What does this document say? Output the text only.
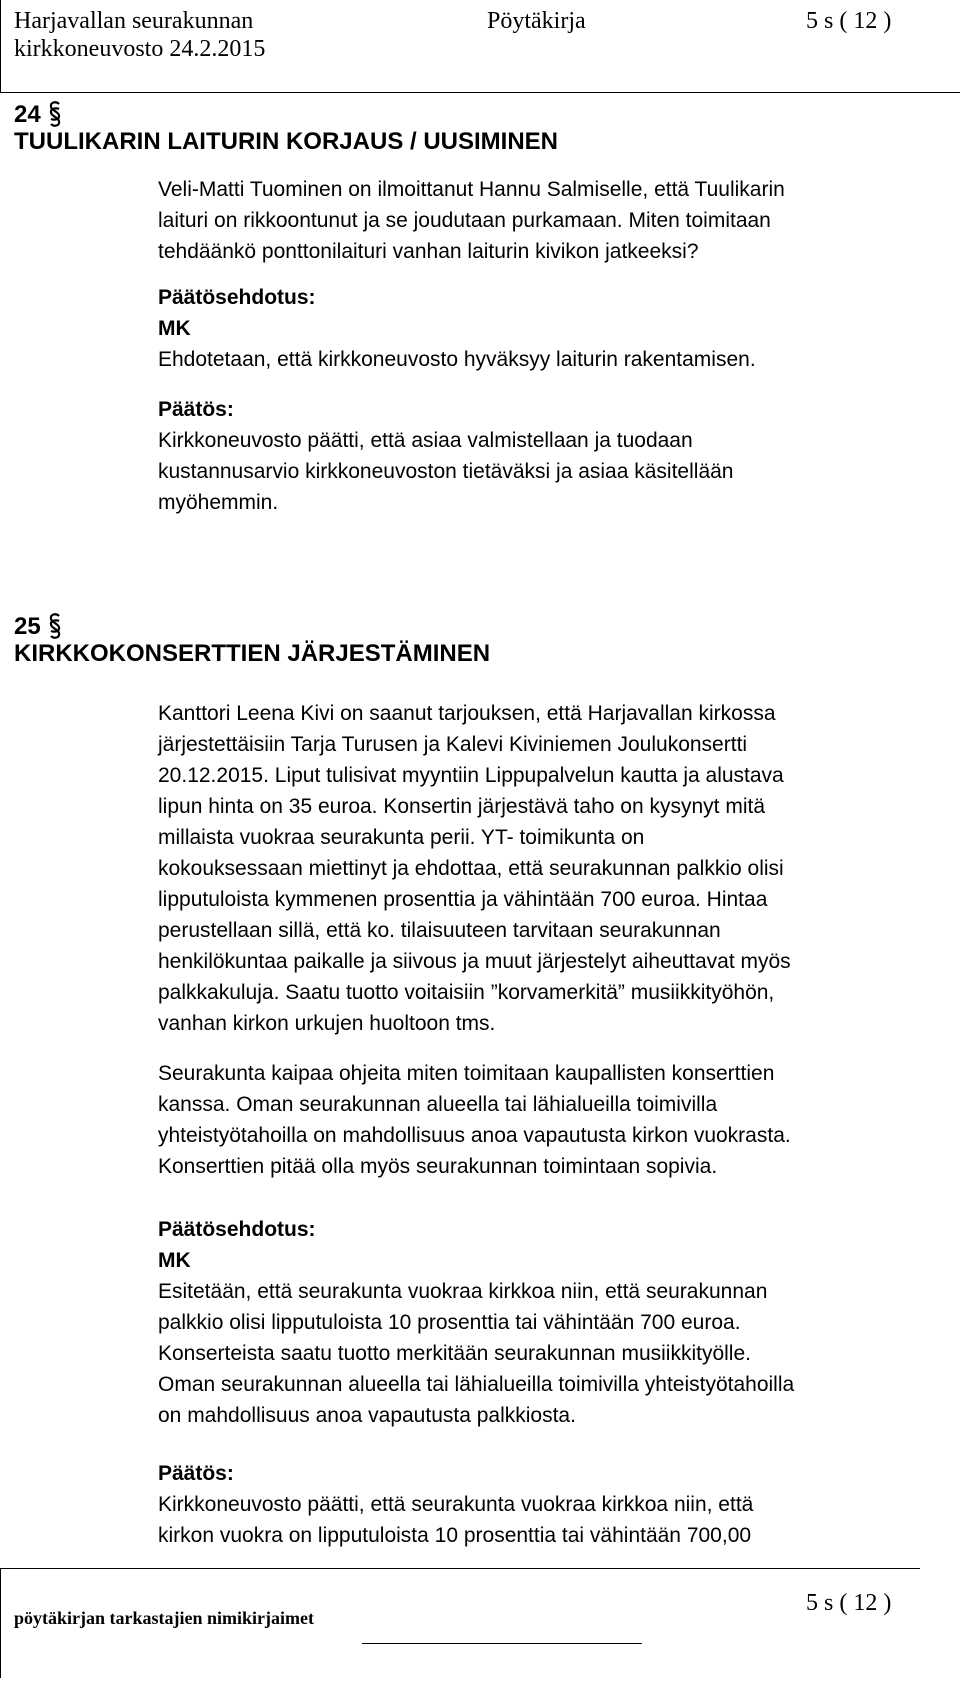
Harjavallan seurakunnan
kirkkoneuvosto 24.2.2015
Pöytäkirja	5 s ( 12 )
24
TUULIKARIN LAITURIN KORJAUS / UUSIMINEN

Veli-Matti Tuominen on ilmoittanut Hannu Salmiselle, että Tuulikarin

laituri on rikkoontunut ja se joudutaan purkamaan. Miten toimitaan

tehdäänkö ponttonilaituri vanhan laiturin kivikon jatkeeksi?

Päätösehdotus:

MK

Ehdotetaan, että kirkkoneuvosto hyväksyy laiturin rakentamisen.

Päätös:

Kirkkoneuvosto päätti, että asiaa valmistellaan ja tuodaan

kustannusarvio kirkkoneuvoston tietäväksi ja asiaa käsitellään

myöhemmin.

25
KIRKKOKONSERTTIEN JÄRJESTÄMINEN

Kanttori Leena Kivi on saanut tarjouksen, että Harjavallan kirkossa

järjestettäisiin Tarja Turusen ja Kalevi Kiviniemen Joulukonsertti

20.12.2015. Liput tulisivat myyntiin Lippupalvelun kautta ja alustava

lipun hinta on 35 euroa. Konsertin järjestävä taho on kysynyt mitä

millaista vuokraa seurakunta perii. YT- toimikunta on

kokouksessaan miettinyt ja ehdottaa, että seurakunnan palkkio olisi

lipputuloista kymmenen prosenttia ja vähintään 700 euroa. Hintaa

perustellaan sillä, että ko. tilaisuuteen tarvitaan seurakunnan

henkilökuntaa paikalle ja siivous ja muut järjestelyt aiheuttavat myös

palkkakuluja. Saatu tuotto voitaisiin ”korvamerkitä” musiikkityöhön,

vanhan kirkon urkujen huoltoon tms.

Seurakunta kaipaa ohjeita miten toimitaan kaupallisten konserttien

kanssa. Oman seurakunnan alueella tai lähialueilla toimivilla

yhteistyötahoilla on mahdollisuus anoa vapautusta kirkon vuokrasta.

Konserttien pitää olla myös seurakunnan toimintaan sopivia.

Päätösehdotus:

MK

Esitetään, että seurakunta vuokraa kirkkoa niin, että seurakunnan

palkkio olisi lipputuloista 10 prosenttia tai vähintään 700 euroa.

Konserteista saatu tuotto merkitään seurakunnan musiikkityölle.

Oman seurakunnan alueella tai lähialueilla toimivilla yhteistyötahoilla

on mahdollisuus anoa vapautusta palkkiosta.

Päätös:

Kirkkoneuvosto päätti, että seurakunta vuokraa kirkkoa niin, että

kirkon vuokra on lipputuloista 10 prosenttia tai vähintään 700,00

pöytäkirjan tarkastajien nimikirjaimet
5 s ( 12 )
